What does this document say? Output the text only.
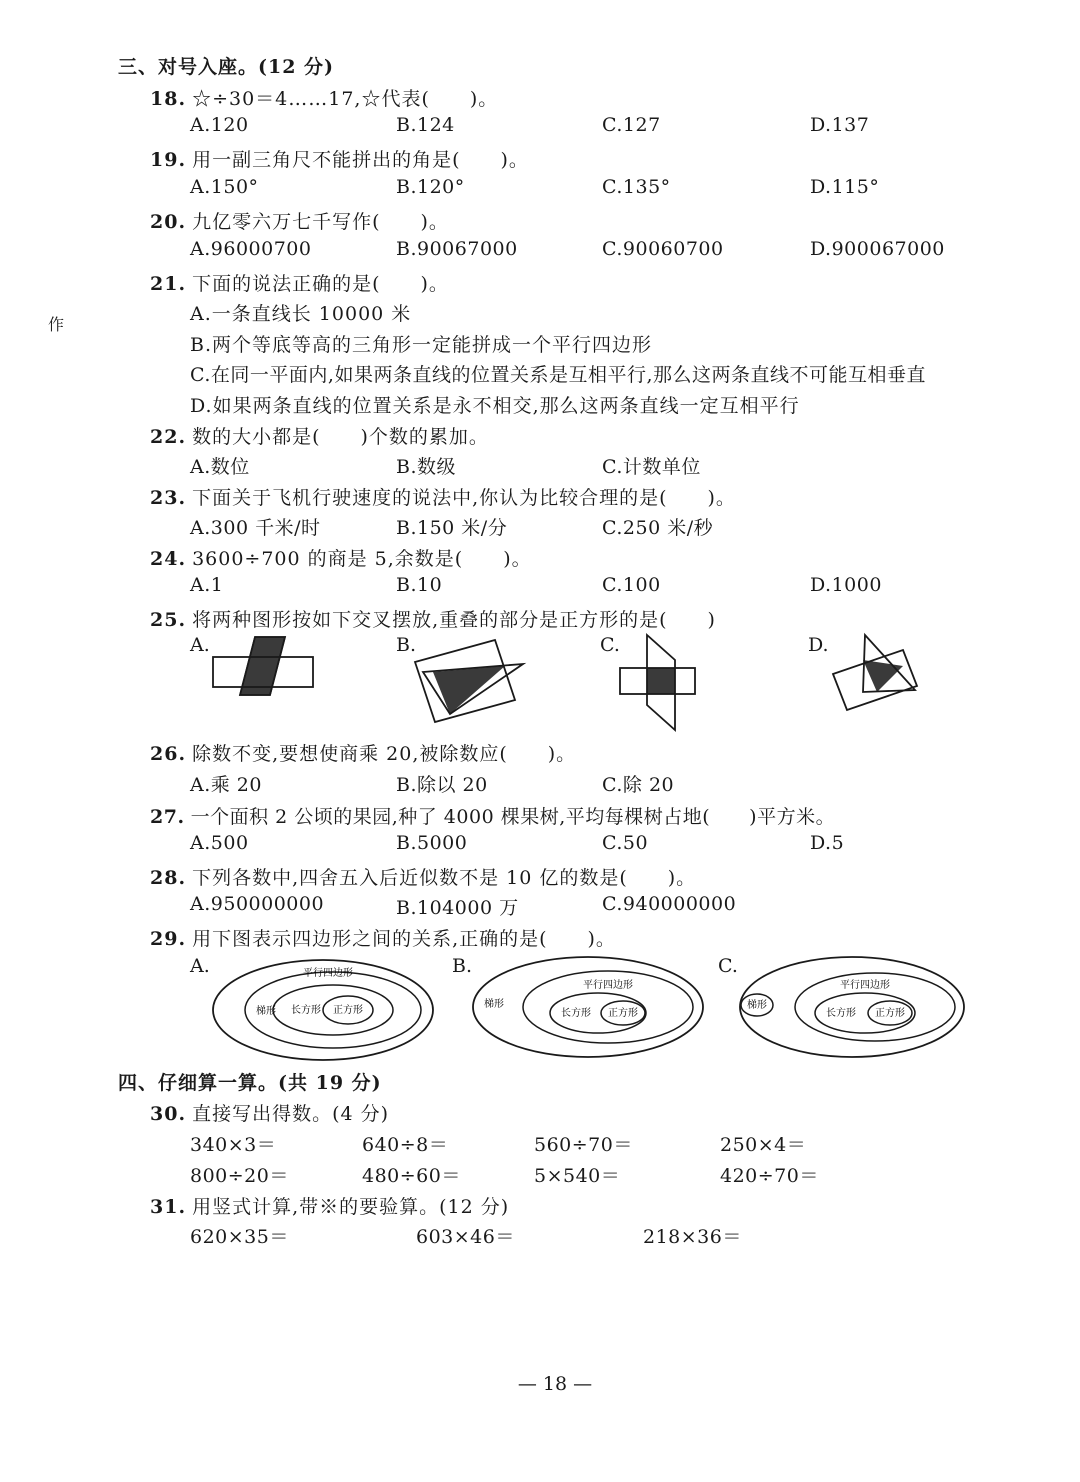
作
三、对号入座。(12 分)
18. ☆÷30＝4……17,☆代表(　　)。
A.120	B.124	C.127	D.137
19. 用一副三角尺不能拼出的角是(　　)。
A.150°	B.120°	C.135°	D.115°
20. 九亿零六万七千写作(　　)。
A.96000700	B.90067000	C.90060700	D.900067000
21. 下面的说法正确的是(　　)。
A.一条直线长 10000 米
B.两个等底等高的三角形一定能拼成一个平行四边形
C.在同一平面内,如果两条直线的位置关系是互相平行,那么这两条直线不可能互相垂直
D.如果两条直线的位置关系是永不相交,那么这两条直线一定互相平行
22. 数的大小都是(　　)个数的累加。
A.数位	B.数级	C.计数单位
23. 下面关于飞机行驶速度的说法中,你认为比较合理的是(　　)。
A.300 千米/时	B.150 米/分	C.250 米/秒
24. 3600÷700 的商是 5,余数是(　　)。
A.1	B.10	C.100	D.1000
25. 将两种图形按如下交叉摆放,重叠的部分是正方形的是(　　)
A.	B.	C.	D.
26. 除数不变,要想使商乘 20,被除数应(　　)。
A.乘 20	B.除以 20	C.除 20
27. 一个面积 2 公顷的果园,种了 4000 棵果树,平均每棵树占地(　　)平方米。
A.500	B.5000	C.50	D.5
28. 下列各数中,四舍五入后近似数不是 10 亿的数是(　　)。
A.950000000	B.104000 万	C.940000000
29. 用下图表示四边形之间的关系,正确的是(　　)。
A.	B.	C.
平行四边形
梯形 长方形 正方形
平行四边形
梯形
长方形 正方形
平行四边形
梯形
长方形 正方形
四、仔细算一算。(共 19 分)
30. 直接写出得数。(4 分)
340×3＝	640÷8＝	560÷70＝	250×4＝
800÷20＝	480÷60＝	5×540＝	420÷70＝
31. 用竖式计算,带※的要验算。(12 分)
620×35＝	603×46＝	218×36＝
— 18 —
